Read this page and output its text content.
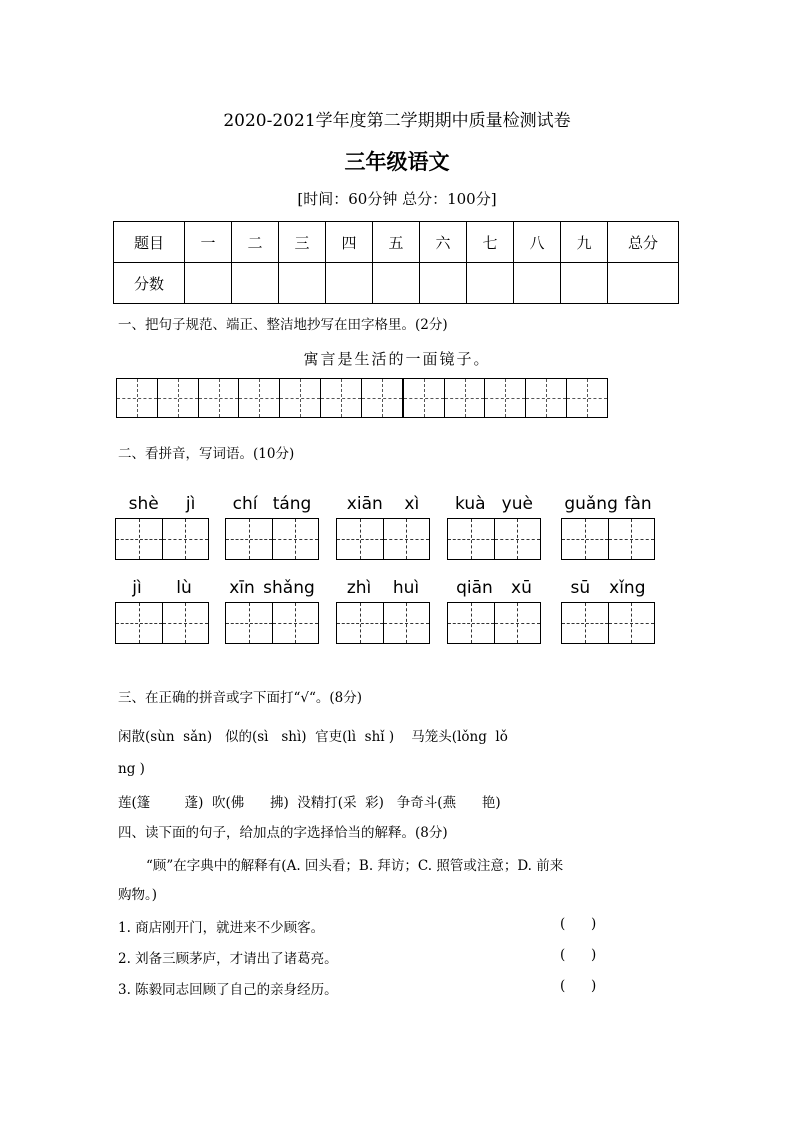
2020-2021学年度第二学期期中质量检测试卷
三年级语文
[时间：60分钟 总分：100分]
题目	一	二	三	四	五	六	七	八	九	总分
分数										
一、把句子规范、端正、整洁地抄写在田字格里。(2分)
寓言是生活的一面镜子。
二、看拼音，写词语。(10分)
shè jì chí táng xiān xì kuà yuè guǎng fàn
jì lù xīn shǎng zhì huì qiān xū sū xǐng
三、在正确的拼音或字下面打“√“。(8分)
闲散(sùn  sǎn)   似的(sì   shì)  官吏(lì  shǐ )    马笼头(lǒng  lǒ
ng )
莲(篷        蓬)  吹(佛      拂)  没精打(采  彩)   争奇斗(燕      艳)
四、读下面的句子，给加点的字选择恰当的解释。(8分)
“顾”在字典中的解释有(A. 回头看；B. 拜访；C. 照管或注意；D. 前来
购物。)
1. 商店刚开门，就进来不少顾客。	(      )
2. 刘备三顾茅庐，才请出了诸葛亮。	(      )
3. 陈毅同志回顾了自己的亲身经历。	(      )
